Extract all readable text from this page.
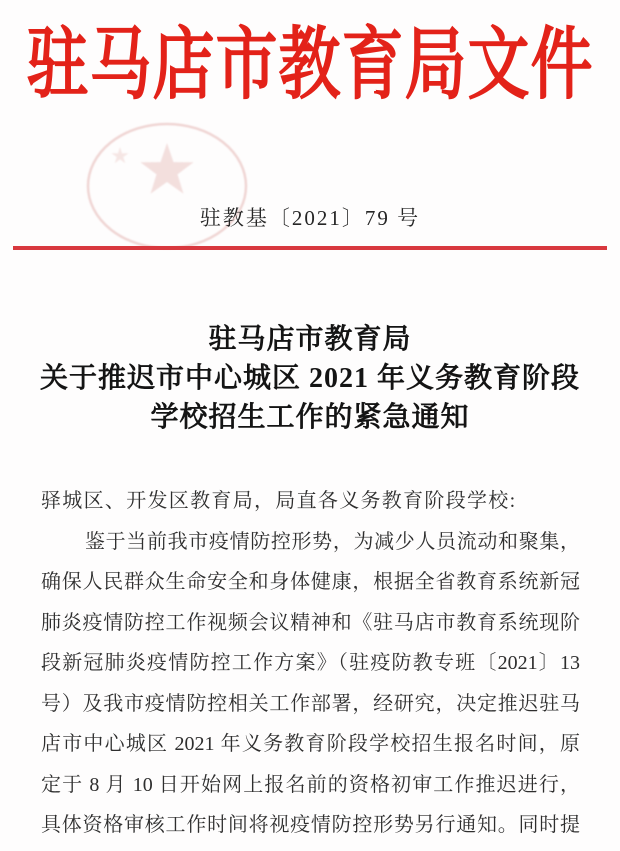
驻马店市教育局文件
驻教基〔2021〕79 号
驻马店市教育局
关于推迟市中心城区 2021 年义务教育阶段
学校招生工作的紧急通知
驿城区、开发区教育局，局直各义务教育阶段学校:
鉴于当前我市疫情防控形势，为减少人员流动和聚集，
确保人民群众生命安全和身体健康，根据全省教育系统新冠
肺炎疫情防控工作视频会议精神和《驻马店市教育系统现阶
段新冠肺炎疫情防控工作方案》（驻疫防教专班〔2021〕13
号）及我市疫情防控相关工作部署，经研究，决定推迟驻马
店市中心城区 2021 年义务教育阶段学校招生报名时间，原
定于 8 月 10 日开始网上报名前的资格初审工作推迟进行，
具体资格审核工作时间将视疫情防控形势另行通知。同时提
